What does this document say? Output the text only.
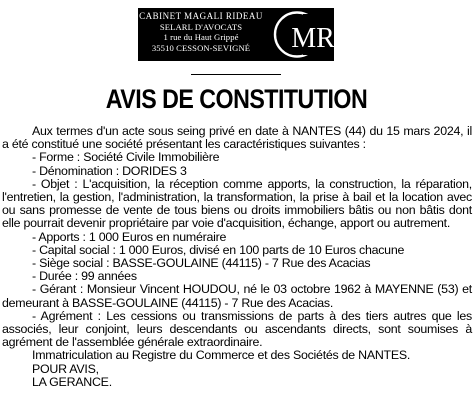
CABINET MAGALI RIDEAU
SELARL D'AVOCATS
1 rue du Haut Grippé
35510 CESSON-SEVIGNÉ	MR
AVIS DE CONSTITUTION

Aux termes d'un acte sous seing privé en date à NANTES (44) du 15 mars 2024, il a été constitué une société présentant les caractéristiques suivantes :

- Forme : Société Civile Immobilière

- Dénomination : DORIDES 3

- Objet : L'acquisition, la réception comme apports, la construction, la réparation, l'entretien, la gestion, l'administration, la transformation, la prise à bail et la location avec ou sans promesse de vente de tous biens ou droits immobiliers bâtis ou non bâtis dont elle pourrait devenir propriétaire par voie d'acquisition, échange, apport ou autrement.

- Apports : 1 000 Euros en numéraire

- Capital social : 1 000 Euros, divisé en 100 parts de 10 Euros chacune

- Siège social : BASSE-GOULAINE (44115) - 7 Rue des Acacias

- Durée : 99 années

- Gérant : Monsieur Vincent HOUDOU, né le 03 octobre 1962 à MAYENNE (53) et demeurant à BASSE-GOULAINE (44115) - 7 Rue des Acacias.

- Agrément : Les cessions ou transmissions de parts à des tiers autres que les associés, leur conjoint, leurs descendants ou ascendants directs, sont soumises à agrément de l'assemblée générale extraordinaire.

Immatriculation au Registre du Commerce et des Sociétés de NANTES.

POUR AVIS,

LA GERANCE.
